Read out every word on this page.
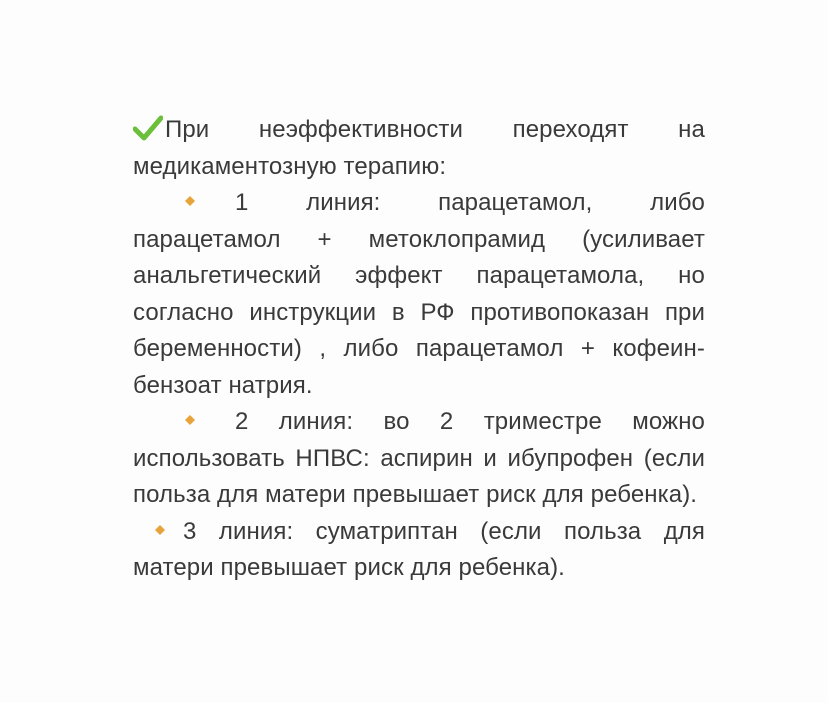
При неэффективности переходят на медикаментозную терапию:

1 линия: парацетамол, либо парацетамол + метоклопрамид (усиливает анальгетический эффект парацетамола, но согласно инструкции в РФ противопоказан при беременности) , либо парацетамол + кофеин-бензоат натрия.

2 линия: во 2 триместре можно использовать НПВС: аспирин и ибупрофен (если польза для матери превышает риск для ребенка).

3 линия: суматриптан (если польза для матери превышает риск для ребенка).
